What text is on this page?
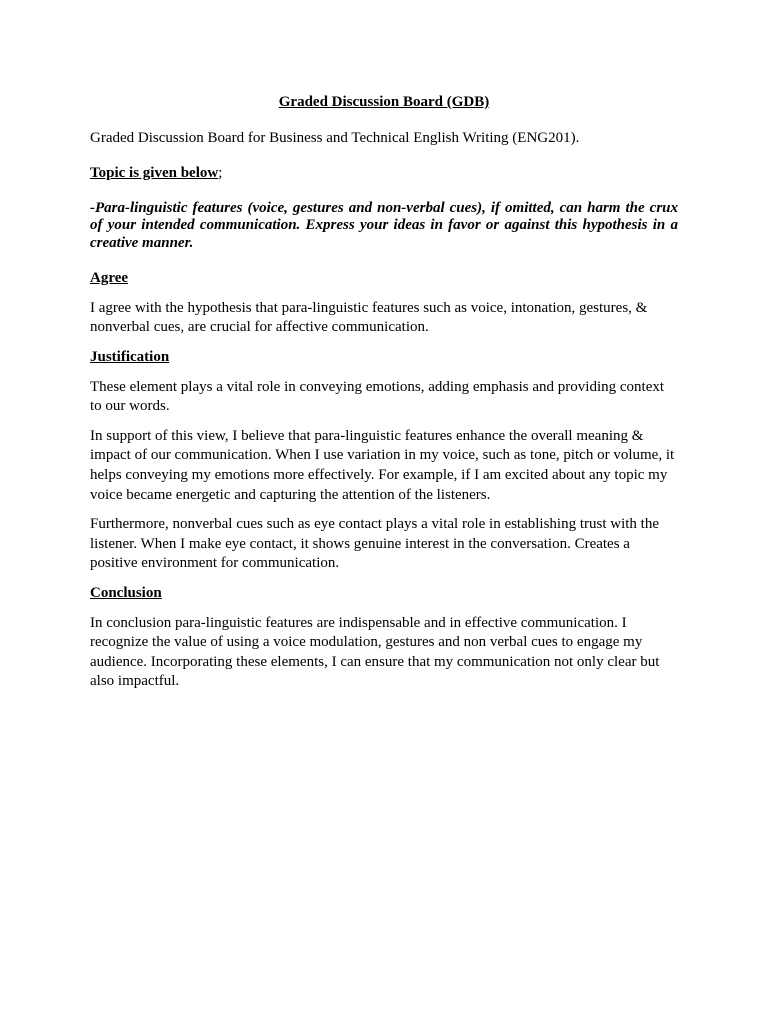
Graded Discussion Board (GDB)

Graded Discussion Board for Business and Technical English Writing (ENG201).

Topic is given below;

-Para-linguistic features (voice, gestures and non-verbal cues), if omitted, can harm the crux of your intended communication. Express your ideas in favor or against this hypothesis in a creative manner.

Agree

I agree with the hypothesis that para-linguistic features such as voice, intonation, gestures, & nonverbal cues, are crucial for affective communication.

Justification

These element plays a vital role in conveying emotions, adding emphasis and providing context to our words.

In support of this view, I believe that para-linguistic features enhance the overall meaning & impact of our communication. When I use variation in my voice, such as tone, pitch or volume, it helps conveying my emotions more effectively. For example, if I am excited about any topic my voice became energetic and capturing the attention of the listeners.

Furthermore, nonverbal cues such as eye contact plays a vital role in establishing trust with the listener. When I make eye contact, it shows genuine interest in the conversation. Creates a positive environment for communication.

Conclusion

In conclusion para-linguistic features are indispensable and in effective communication. I recognize the value of using a voice modulation, gestures and non verbal cues to engage my audience. Incorporating these elements, I can ensure that my communication not only clear but also impactful.
